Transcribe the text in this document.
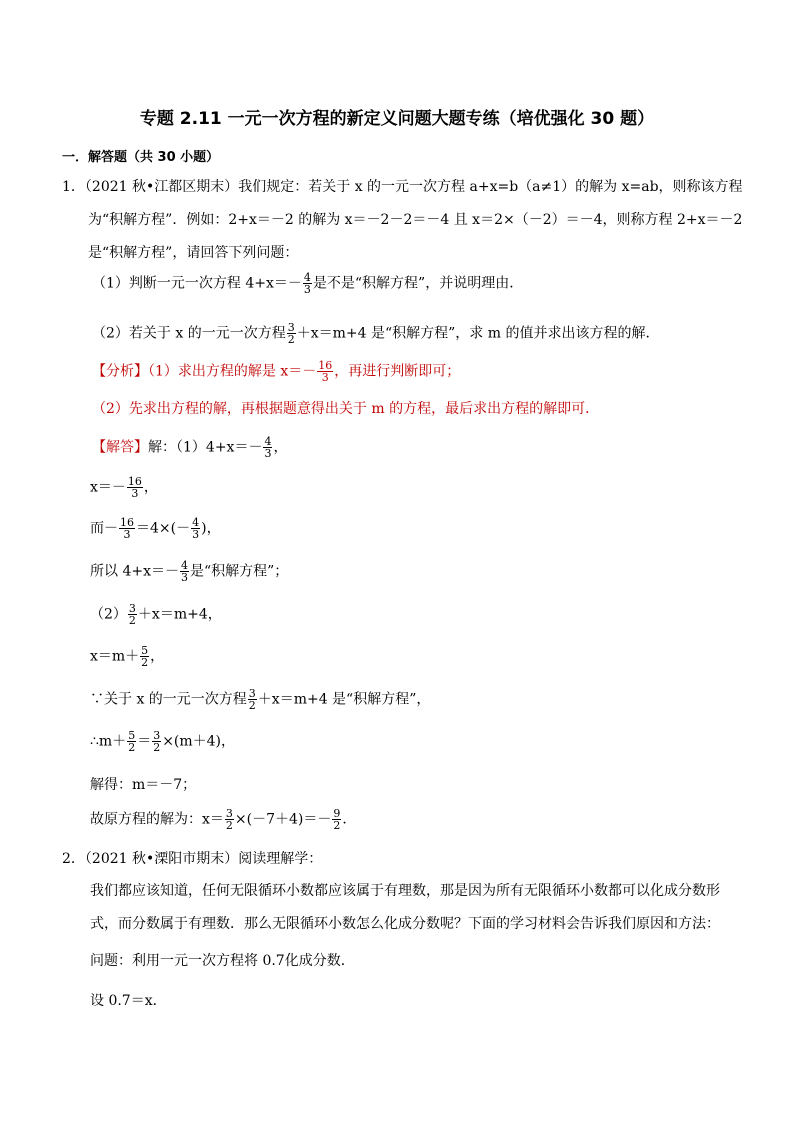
专题 2.11 一元一次方程的新定义问题大题专练（培优强化 30 题）
一．解答题（共 30 小题）
1．（2021 秋•江都区期末）我们规定：若关于 x 的一元一次方程 a+x=b（a≠1）的解为 x=ab，则称该方程
为“积解方程”．例如：2+x＝－2 的解为 x＝－2－2＝－4 且 x＝2×（－2）＝－4，则称方程 2+x＝－2
是“积解方程”，请回答下列问题：
（1）判断一元一次方程 $4+x=- \frac{4}{3}$ 是不是“积解方程”，并说明理由．
（2）若关于 x 的一元一次方程 $\frac{3}{2} +x=m+4$ 是“积解方程”，求 m 的值并求出该方程的解．
【分析】（1）求出方程的解是 $x=- \frac{16}{3}$ ，再进行判断即可；
（2）先求出方程的解，再根据题意得出关于 m 的方程，最后求出方程的解即可．
【解答】解：$(1)4+x=- \frac{4}{3}$ ，
$x=- \frac{16}{3}$ ，
而－ $\frac{16}{3} =4\times(- \frac{4}{3}$ )，
所以 $4+x=- \frac{4}{3}$ 是“积解方程”；
$(2) \frac{3}{2} +x=m+4$，
$x=m+ \frac{5}{2}$ ，
∵关于 x 的一元一次方程 $\frac{3}{2} +x=m+4$ 是“积解方程”，
∴m＋ $\frac{5}{2} = \frac{3}{2} \times(m+4)$，
解得：m＝－7；
故原方程的解为：$x= \frac{3}{2} \times(-7+4)=- \frac{9}{2}$ ．
2．（2021 秋•溧阳市期末）阅读理解学：
我们都应该知道，任何无限循环小数都应该属于有理数，那是因为所有无限循环小数都可以化成分数形
式，而分数属于有理数．那么无限循环小数怎么化成分数呢？下面的学习材料会告诉我们原因和方法：
问题：利用一元一次方程将 0.7化成分数．
设 0.7＝x．
